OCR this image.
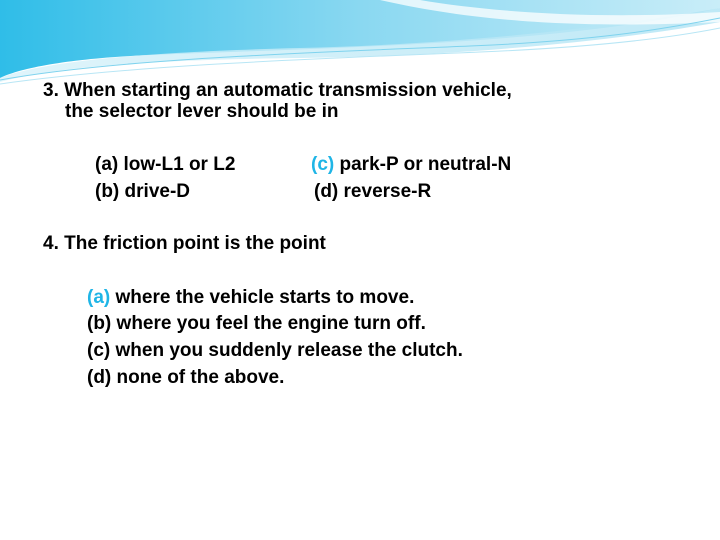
3. When starting an automatic transmission vehicle,
the selector lever should be in
(a) low-L1 or L2	(c) park-P or neutral-N
(b) drive-D	(d) reverse-R
4. The friction point is the point
(a) where the vehicle starts to move.
(b) where you feel the engine turn off.
(c) when you suddenly release the clutch.
(d) none of the above.
